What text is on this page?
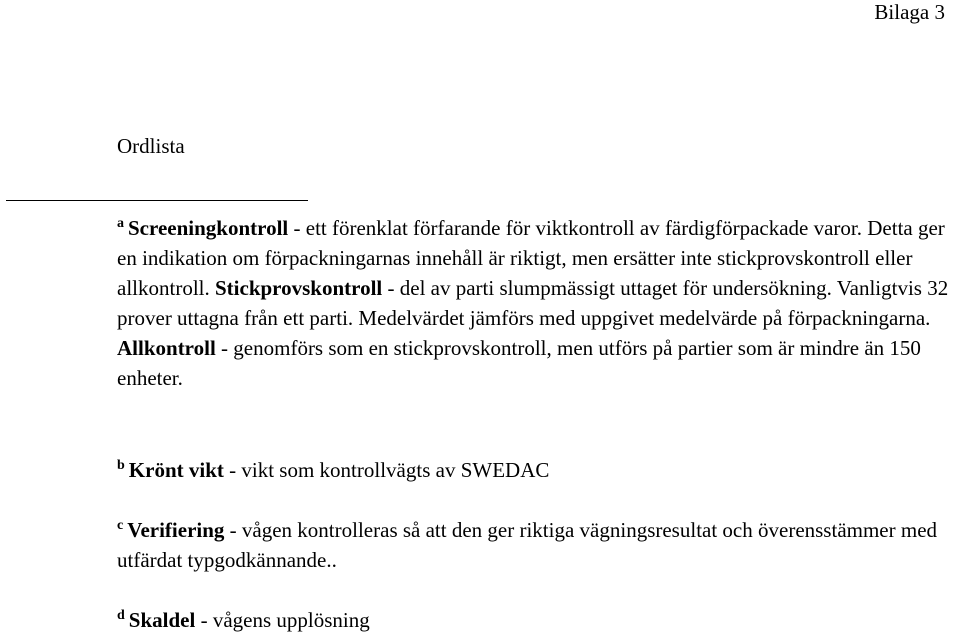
Bilaga 3
Ordlista

$^a$ Screeningkontroll - ett förenklat förfarande för viktkontroll av färdigförpackade varor. Detta ger en indikation om förpackningarnas innehåll är riktigt, men ersätter inte stickprovskontroll eller allkontroll. Stickprovskontroll - del av parti slumpmässigt uttaget för undersökning. Vanligtvis 32 prover uttagna från ett parti. Medelvärdet jämförs med uppgivet medelvärde på förpackningarna. Allkontroll - genomförs som en stickprovskontroll, men utförs på partier som är mindre än 150 enheter.

$^b$ Krönt vikt - vikt som kontrollvägts av SWEDAC

$^c$ Verifiering - vågen kontrolleras så att den ger riktiga vägningsresultat och överensstämmer med utfärdat typgodkännande..

$^d$ Skaldel - vågens upplösning
